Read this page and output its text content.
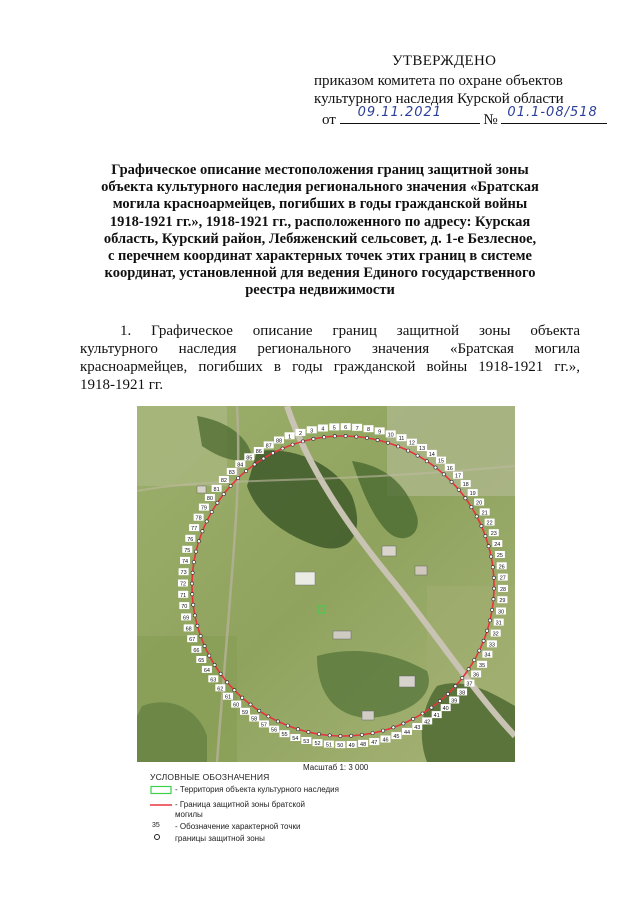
УТВЕРЖДЕНО
приказом комитета по охране объектов
культурного наследия Курской области
от 09.11.2021	№ 01.1-08/518
Графическое описание местоположения границ защитной зоны
объекта культурного наследия регионального значения «Братская
могила красноармейцев, погибших в годы гражданской войны
1918-1921 гг.», 1918-1921 гг., расположенного по адресу: Курская
область, Курский район, Лебяженский сельсовет, д. 1-е Безлесное,
с перечнем координат характерных точек этих границ в системе
координат, установленной для ведения Единого государственного
реестра недвижимости
1. Графическое описание границ защитной зоны объекта
культурного наследия регионального значения «Братская могила
красноармейцев, погибших в годы гражданской войны 1918-1921 гг.»,
1918-1921 гг.
1
2 3 4 5 6 7 8 9 10
11
12
13
14
15
16
17
18
19
20
21
22
23
24
25
26
27
28
29
30
31
32
33
34
35
36
37
38
39
40
41
42
43
44
45
46
47
48
49
50
51
52
53
54
55
56
57
58
59
60
61
62
63
64
65
66
67
68
69
70
71
72
73
74
75
76
77
78
79
80
81
82
83
84
85
86
87
88
Масштаб 1: 3 000
УСЛОВНЫЕ ОБОЗНАЧЕНИЯ
- Территория объекта культурного наследия
- Граница защитной зоны братской
могилы
35 - Обозначение характерной точки
границы защитной зоны
